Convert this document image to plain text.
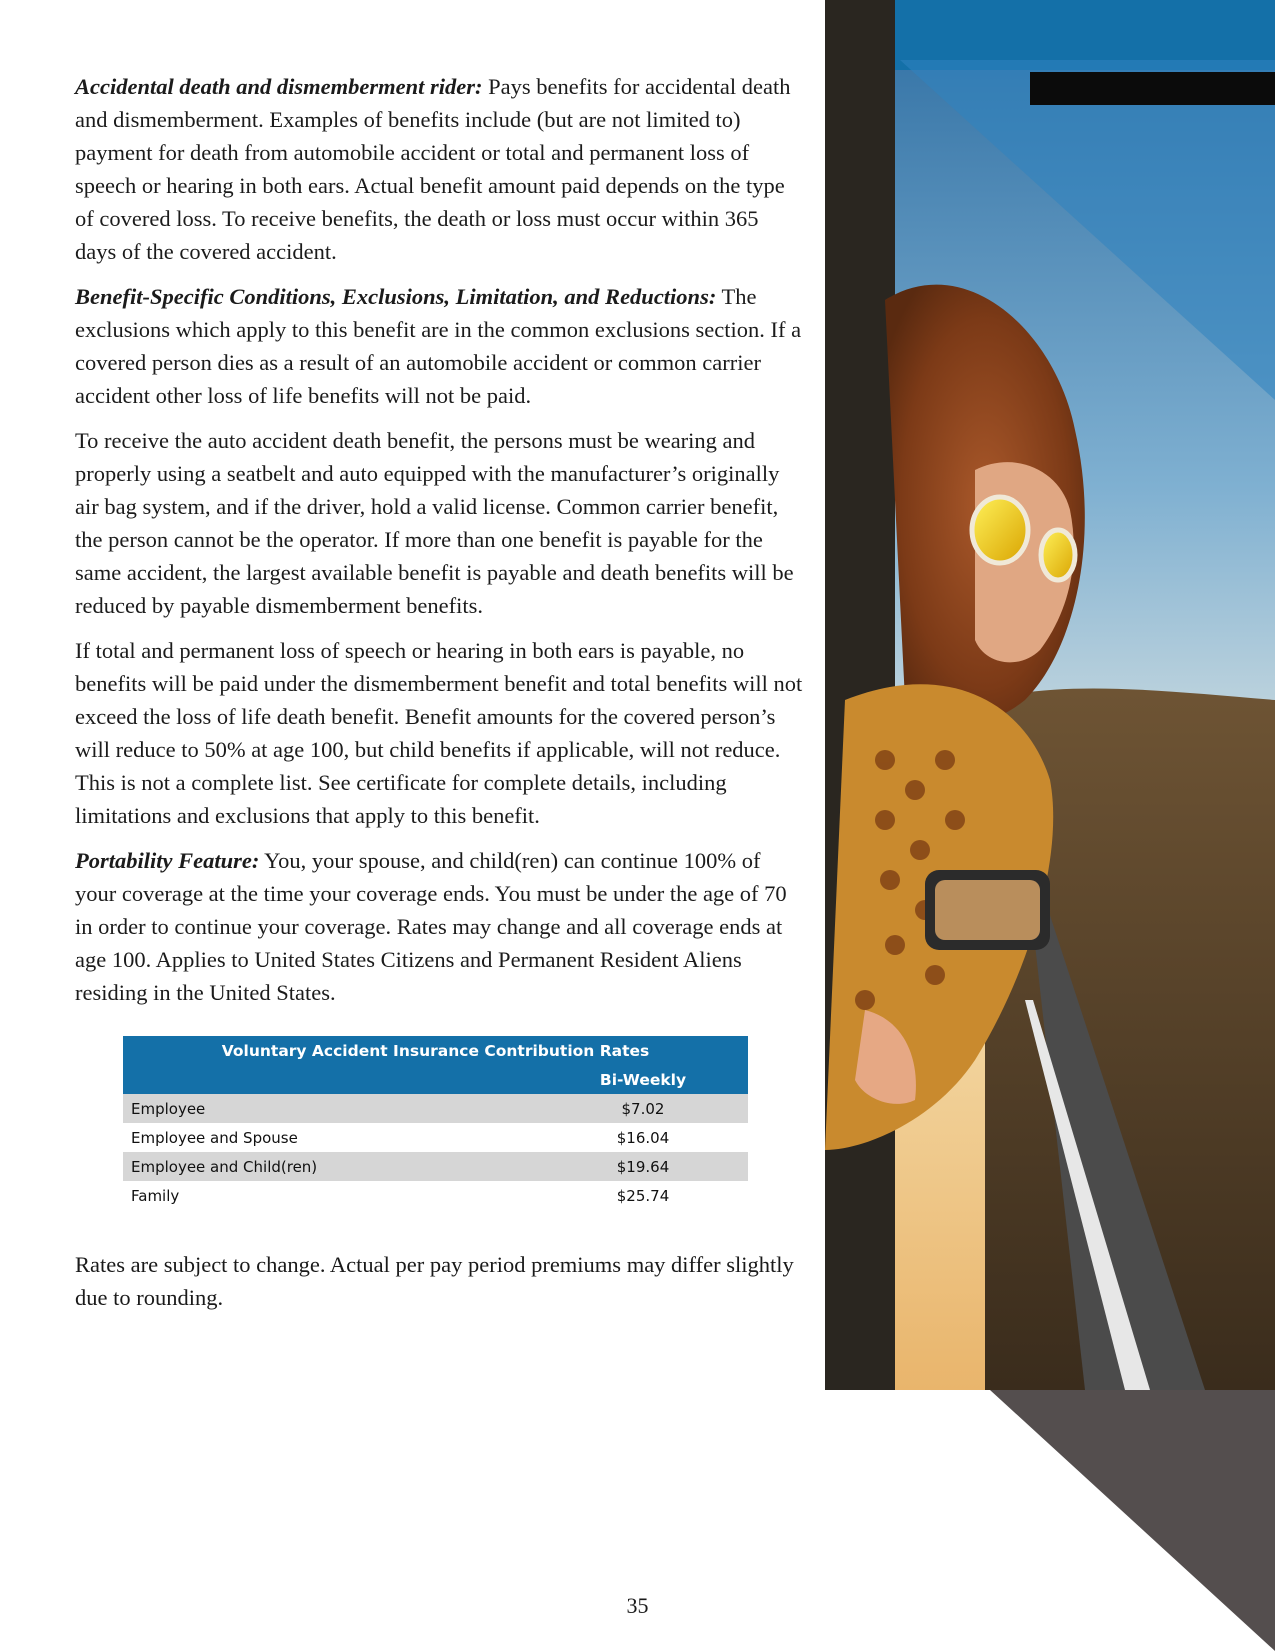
Accidental death and dismemberment rider: Pays benefits for accidental death and dismemberment. Examples of benefits include (but are not limited to) payment for death from automobile accident or total and permanent loss of speech or hearing in both ears. Actual benefit amount paid depends on the type of covered loss. To receive benefits, the death or loss must occur within 365 days of the covered accident.

Benefit-Specific Conditions, Exclusions, Limitation, and Reductions: The exclusions which apply to this benefit are in the common exclusions section. If a covered person dies as a result of an automobile accident or common carrier accident other loss of life benefits will not be paid.

To receive the auto accident death benefit, the persons must be wearing and properly using a seatbelt and auto equipped with the manufacturer’s originally air bag system, and if the driver, hold a valid license. Common carrier benefit, the person cannot be the operator. If more than one benefit is payable for the same accident, the largest available benefit is payable and death benefits will be reduced by payable dismemberment benefits.

If total and permanent loss of speech or hearing in both ears is payable, no benefits will be paid under the dismemberment benefit and total benefits will not exceed the loss of life death benefit. Benefit amounts for the covered person’s will reduce to 50% at age 100, but child benefits if applicable, will not reduce. This is not a complete list. See certificate for complete details, including limitations and exclusions that apply to this benefit.

Portability Feature: You, your spouse, and child(ren) can continue 100% of your coverage at the time your coverage ends. You must be under the age of 70 in order to continue your coverage. Rates may change and all coverage ends at age 100. Applies to United States Citizens and Permanent Resident Aliens residing in the United States.

Voluntary Accident Insurance Contribution Rates	
	Bi-Weekly
Employee	$7.02
Employee and Spouse	$16.04
Employee and Child(ren)	$19.64
Family	$25.74

Rates are subject to change. Actual per pay period premiums may differ slightly due to rounding.

35
